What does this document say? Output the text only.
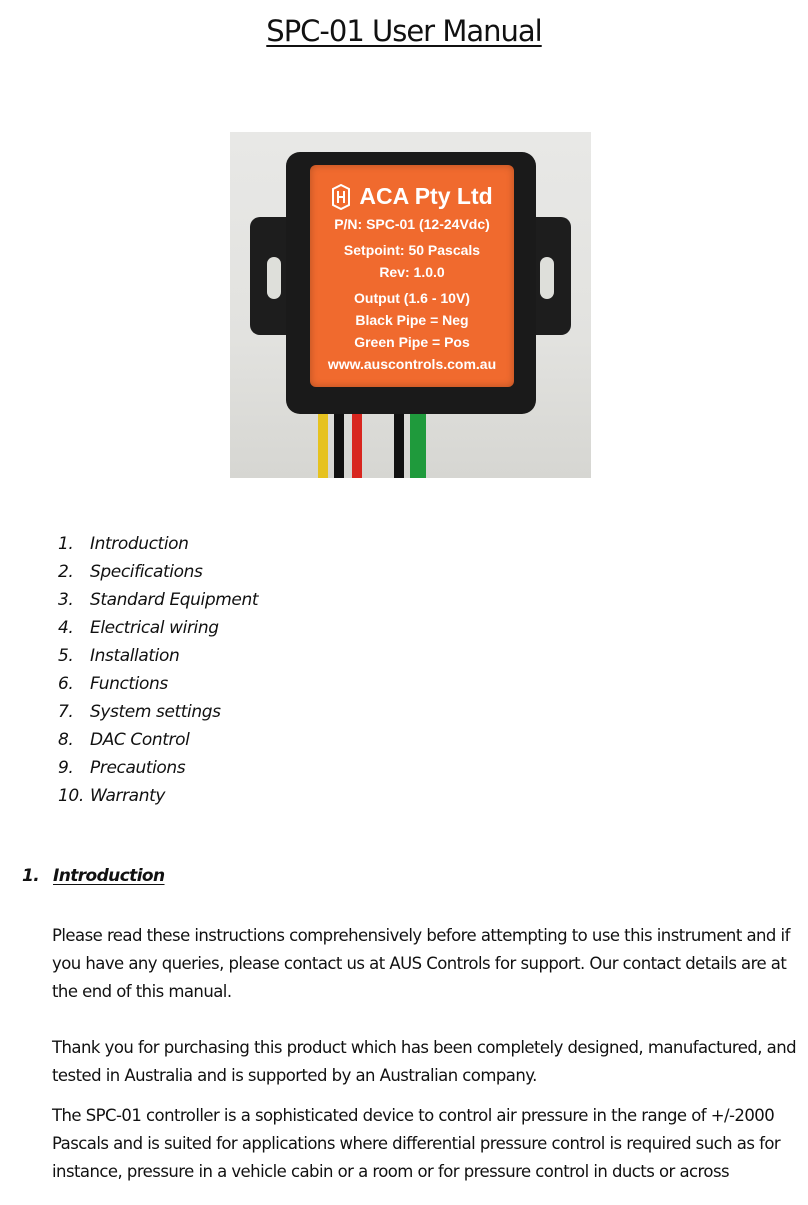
SPC-01 User Manual
ACA Pty Ltd
P/N: SPC-01 (12-24Vdc)
Setpoint: 50 Pascals
Rev: 1.0.0
Output (1.6 - 10V)
Black Pipe = Neg
Green Pipe = Pos
www.auscontrols.com.au
1. Introduction
2. Specifications
3. Standard Equipment
4. Electrical wiring
5. Installation
6. Functions
7. System settings
8. DAC Control
9. Precautions
10. Warranty
1. Introduction

Please read these instructions comprehensively before attempting to use this instrument and if
you have any queries, please contact us at AUS Controls for support. Our contact details are at
the end of this manual.

Thank you for purchasing this product which has been completely designed, manufactured, and
tested in Australia and is supported by an Australian company.

The SPC-01 controller is a sophisticated device to control air pressure in the range of +/-2000
Pascals and is suited for applications where differential pressure control is required such as for
instance, pressure in a vehicle cabin or a room or for pressure control in ducts or across
